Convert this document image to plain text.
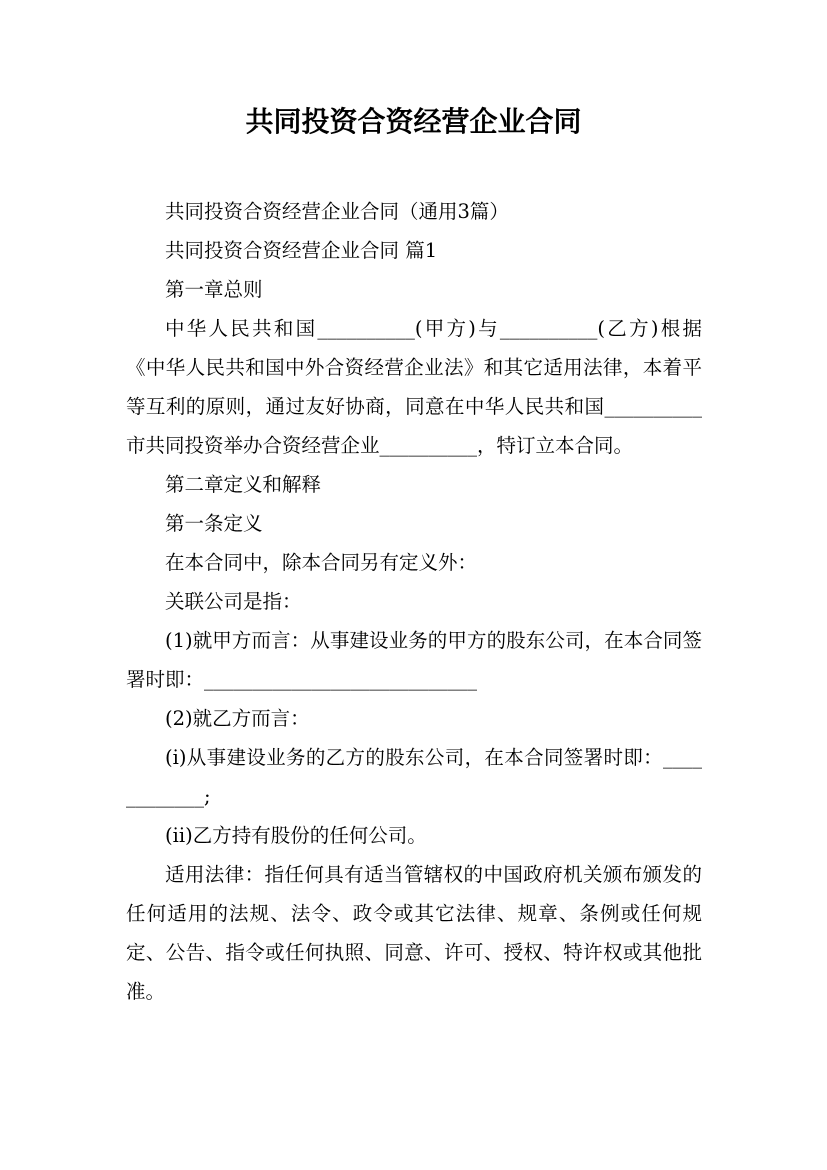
共同投资合资经营企业合同

共同投资合资经营企业合同（通用3篇）

共同投资合资经营企业合同 篇1

第一章总则

中华人民共和国__________(甲方)与__________(乙方)根据《中华人民共和国中外合资经营企业法》和其它适用法律，本着平等互利的原则，通过友好协商，同意在中华人民共和国__________市共同投资举办合资经营企业__________，特订立本合同。

第二章定义和解释

第一条定义

在本合同中，除本合同另有定义外：

关联公司是指：

(1)就甲方而言：从事建设业务的甲方的股东公司，在本合同签署时即：____________________________

(2)就乙方而言：

(i)从事建设业务的乙方的股东公司，在本合同签署时即：____________;

(ii)乙方持有股份的任何公司。

适用法律：指任何具有适当管辖权的中国政府机关颁布颁发的任何适用的法规、法令、政令或其它法律、规章、条例或任何规定、公告、指令或任何执照、同意、许可、授权、特许权或其他批准。
